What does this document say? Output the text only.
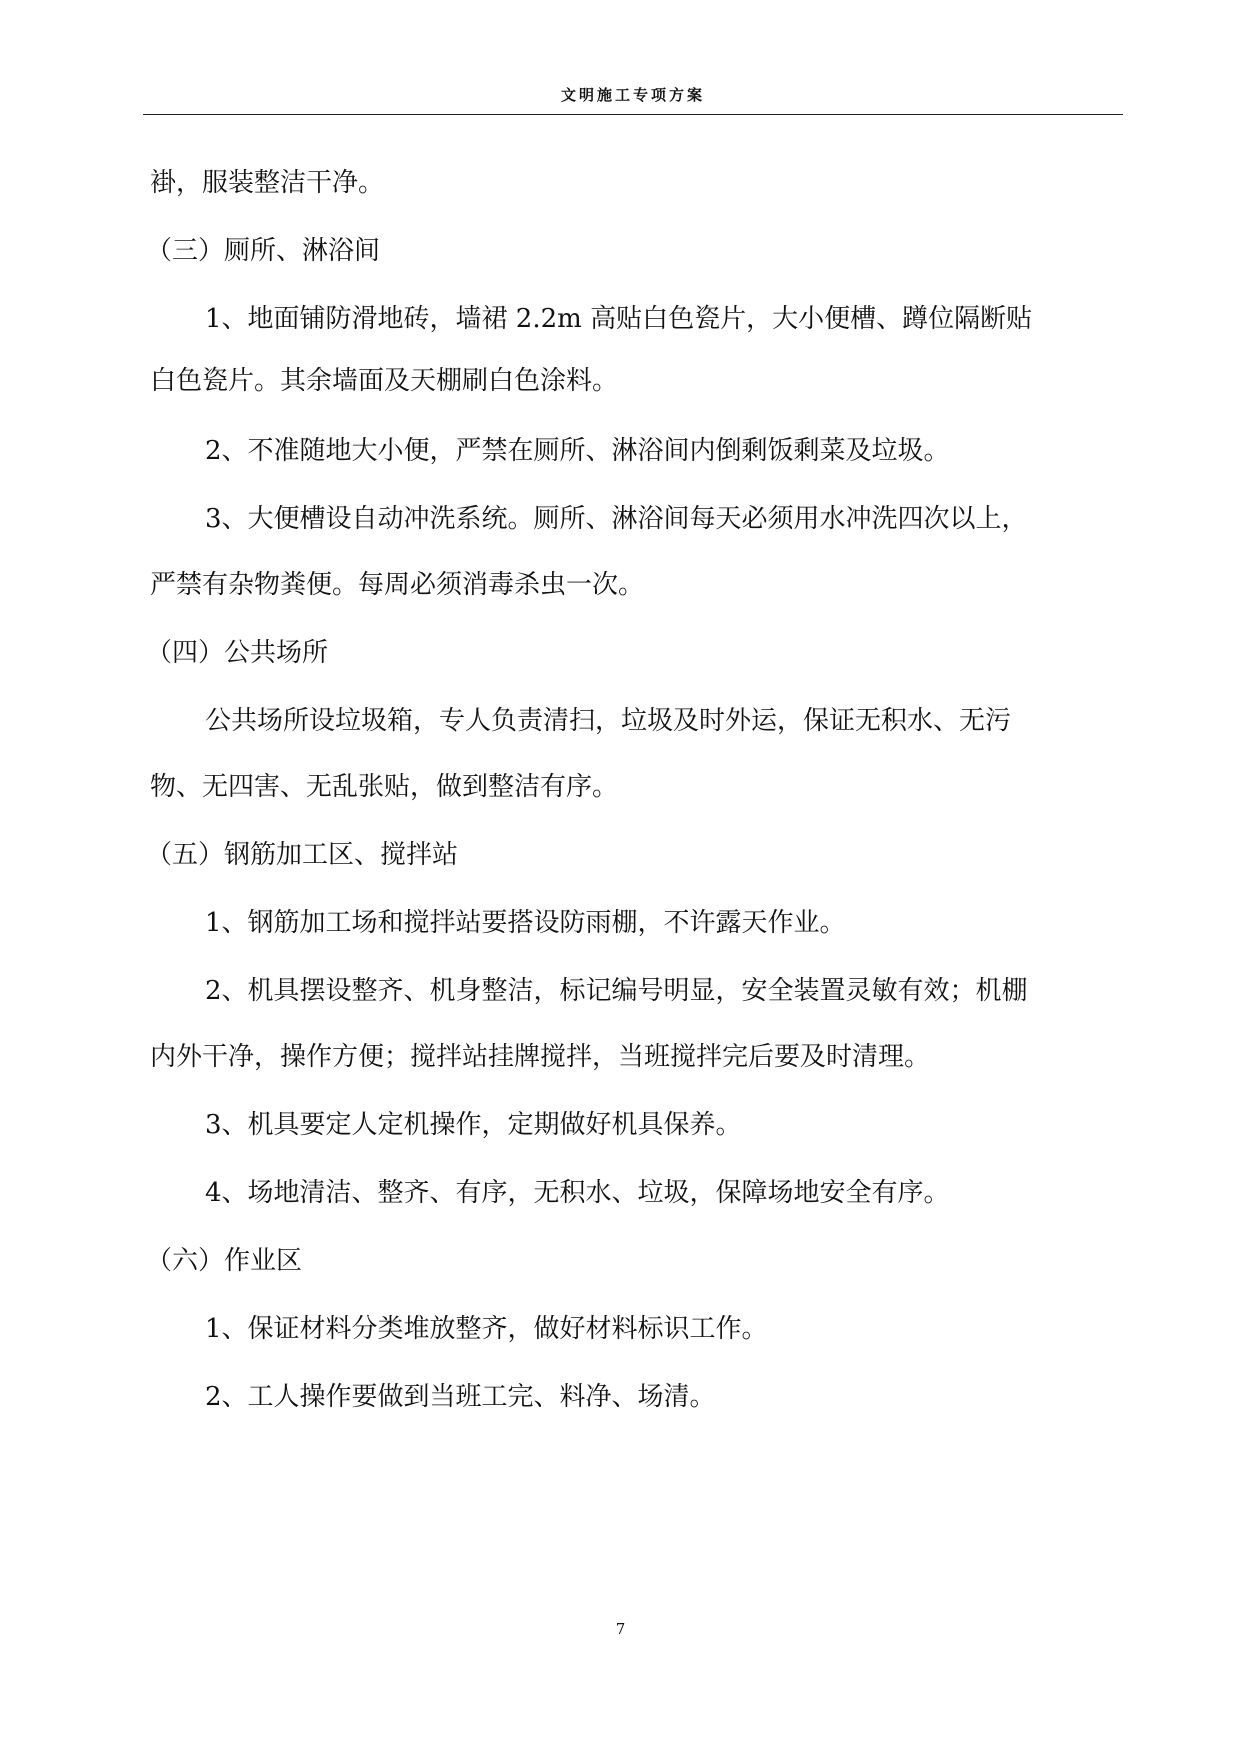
文明施工专项方案
褂，服装整洁干净。
（三）厕所、淋浴间
1、地面铺防滑地砖，墙裙 2.2m 高贴白色瓷片，大小便槽、蹲位隔断贴
白色瓷片。其余墙面及天棚刷白色涂料。
2、不准随地大小便，严禁在厕所、淋浴间内倒剩饭剩菜及垃圾。
3、大便槽设自动冲洗系统。厕所、淋浴间每天必须用水冲洗四次以上，
严禁有杂物粪便。每周必须消毒杀虫一次。
（四）公共场所
公共场所设垃圾箱，专人负责清扫，垃圾及时外运，保证无积水、无污
物、无四害、无乱张贴，做到整洁有序。
（五）钢筋加工区、搅拌站
1、钢筋加工场和搅拌站要搭设防雨棚，不许露天作业。
2、机具摆设整齐、机身整洁，标记编号明显，安全装置灵敏有效；机棚
内外干净，操作方便；搅拌站挂牌搅拌，当班搅拌完后要及时清理。
3、机具要定人定机操作，定期做好机具保养。
4、场地清洁、整齐、有序，无积水、垃圾，保障场地安全有序。
（六）作业区
1、保证材料分类堆放整齐，做好材料标识工作。
2、工人操作要做到当班工完、料净、场清。
7
